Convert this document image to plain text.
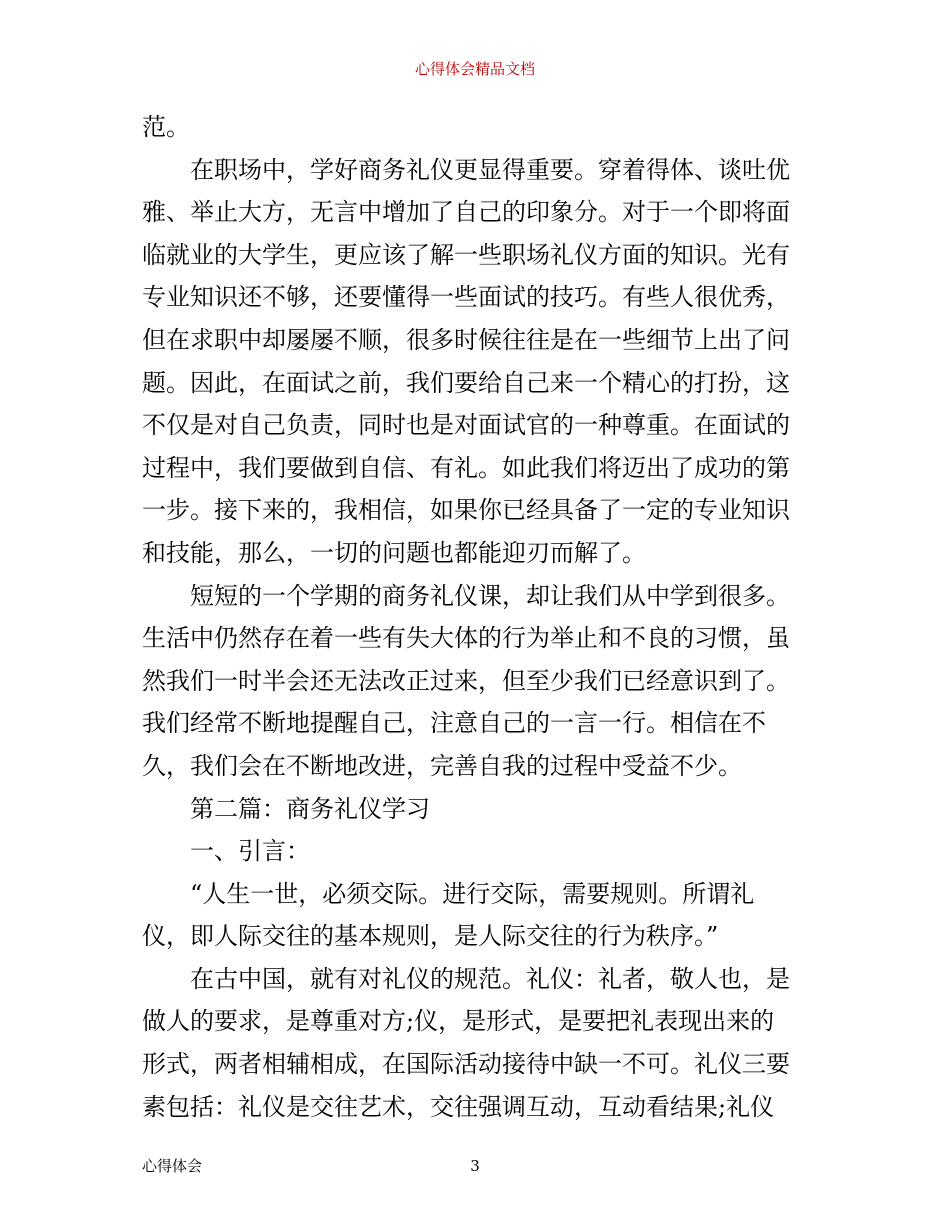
心得体会精品文档
范。
在职场中，学好商务礼仪更显得重要。穿着得体、谈吐优
雅、举止大方，无言中增加了自己的印象分。对于一个即将面
临就业的大学生，更应该了解一些职场礼仪方面的知识。光有
专业知识还不够，还要懂得一些面试的技巧。有些人很优秀，
但在求职中却屡屡不顺，很多时候往往是在一些细节上出了问
题。因此，在面试之前，我们要给自己来一个精心的打扮，这
不仅是对自己负责，同时也是对面试官的一种尊重。在面试的
过程中，我们要做到自信、有礼。如此我们将迈出了成功的第
一步。接下来的，我相信，如果你已经具备了一定的专业知识
和技能，那么，一切的问题也都能迎刃而解了。
短短的一个学期的商务礼仪课，却让我们从中学到很多。
生活中仍然存在着一些有失大体的行为举止和不良的习惯，虽
然我们一时半会还无法改正过来，但至少我们已经意识到了。
我们经常不断地提醒自己，注意自己的一言一行。相信在不
久，我们会在不断地改进，完善自我的过程中受益不少。
第二篇：商务礼仪学习
一、引言：
“人生一世，必须交际。进行交际，需要规则。所谓礼
仪，即人际交往的基本规则，是人际交往的行为秩序。”
在古中国，就有对礼仪的规范。礼仪：礼者，敬人也，是
做人的要求，是尊重对方;仪，是形式，是要把礼表现出来的
形式，两者相辅相成，在国际活动接待中缺一不可。礼仪三要
素包括：礼仪是交往艺术，交往强调互动，互动看结果;礼仪
心得体会	3
